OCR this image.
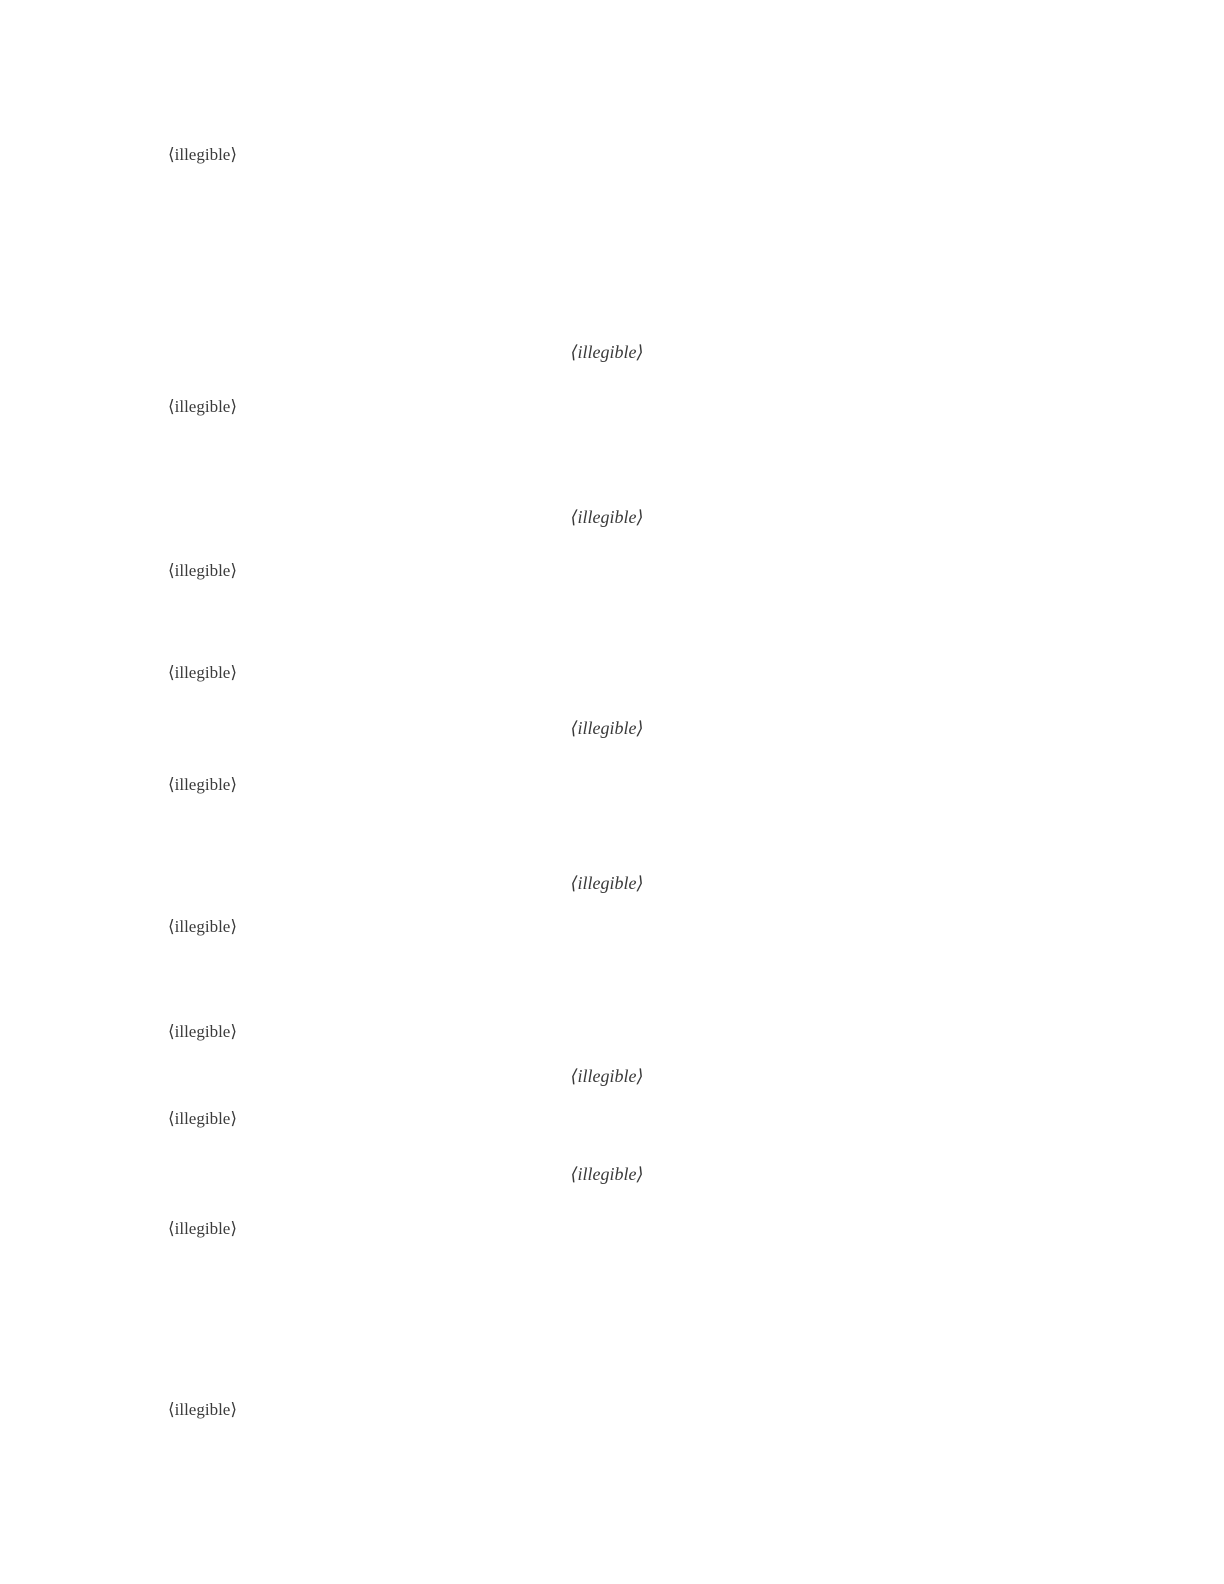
⟨illegible⟩

⟨illegible⟩

⟨illegible⟩

⟨illegible⟩

⟨illegible⟩

⟨illegible⟩

⟨illegible⟩

⟨illegible⟩

⟨illegible⟩

⟨illegible⟩

⟨illegible⟩

⟨illegible⟩

⟨illegible⟩

⟨illegible⟩

⟨illegible⟩

⟨illegible⟩
